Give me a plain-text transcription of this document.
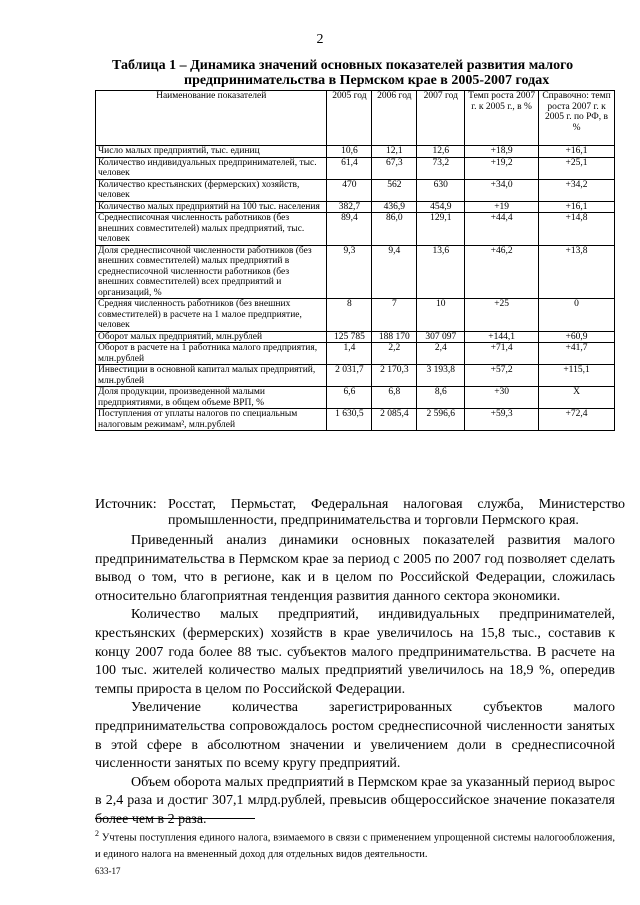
2
Таблица 1 – Динамика значений основных показателей развития малого
предпринимательства в Пермском крае в 2005-2007 годах
Наименование показателей	2005 год	2006 год	2007 год	Темп роста 2007 г. к 2005 г., в %	Справочно: темп роста 2007 г. к 2005 г. по РФ, в %
Число малых предприятий, тыс. единиц	10,6	12,1	12,6	+18,9	+16,1
Количество индивидуальных предпринимателей, тыс. человек	61,4	67,3	73,2	+19,2	+25,1
Количество крестьянских (фермерских) хозяйств, человек	470	562	630	+34,0	+34,2
Количество малых предприятий на 100 тыс. населения	382,7	436,9	454,9	+19	+16,1
Среднесписочная численность работников (без внешних совместителей) малых предприятий, тыс. человек	89,4	86,0	129,1	+44,4	+14,8
Доля среднесписочной численности работников (без внешних совместителей) малых предприятий в среднесписочной численности работников (без внешних совместителей) всех предприятий и организаций, %	9,3	9,4	13,6	+46,2	+13,8
Средняя численность работников (без внешних совместителей) в расчете на 1 малое предприятие, человек	8	7	10	+25	0
Оборот малых предприятий, млн.рублей	125 785	188 170	307 097	+144,1	+60,9
Оборот в расчете на 1 работника малого предприятия, млн.рублей	1,4	2,2	2,4	+71,4	+41,7
Инвестиции в основной капитал малых предприятий, млн.рублей	2 031,7	2 170,3	3 193,8	+57,2	+115,1
Доля продукции, произведенной малыми предприятиями, в общем объеме ВРП, %	6,6	6,8	8,6	+30	Х
Поступления от уплаты налогов по специальным налоговым режимам², млн.рублей	1 630,5	2 085,4	2 596,6	+59,3	+72,4
Источник: Росстат, Пермьстат, Федеральная налоговая служба, Министерство промышленности, предпринимательства и торговли Пермского края.

Приведенный анализ динамики основных показателей развития малого предпринимательства в Пермском крае за период с 2005 по 2007 год позволяет сделать вывод о том, что в регионе, как и в целом по Российской Федерации, сложилась относительно благоприятная тенденция развития данного сектора экономики.

Количество малых предприятий, индивидуальных предпринимателей, крестьянских (фермерских) хозяйств в крае увеличилось на 15,8 тыс., составив к концу 2007 года более 88 тыс. субъектов малого предпринимательства. В расчете на 100 тыс. жителей количество малых предприятий увеличилось на 18,9 %, опередив темпы прироста в целом по Российской Федерации.

Увеличение количества зарегистрированных субъектов малого предпринимательства сопровождалось ростом среднесписочной численности занятых в этой сфере в абсолютном значении и увеличением доли в среднесписочной численности занятых по всему кругу предприятий.

Объем оборота малых предприятий в Пермском крае за указанный период вырос в 2,4 раза и достиг 307,1 млрд.рублей, превысив общероссийское значение показателя более чем в 2 раза.

$^2$ Учтены поступления единого налога, взимаемого в связи с применением упрощенной системы налогообложения, и единого налога на вмененный доход для отдельных видов деятельности.
633-17
